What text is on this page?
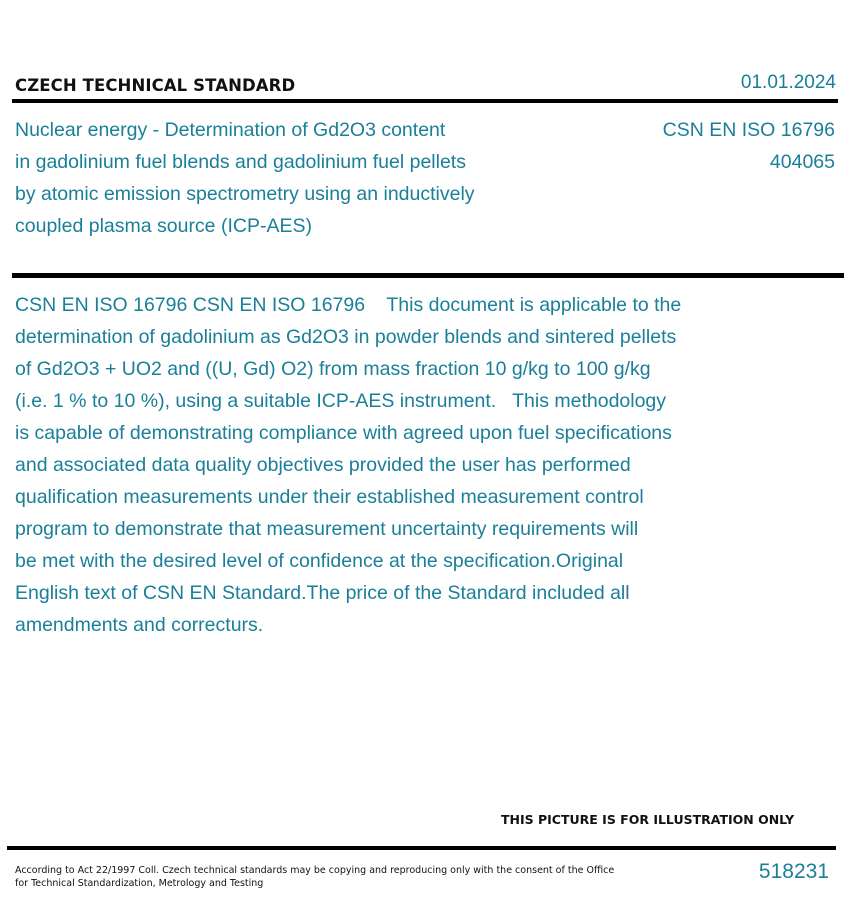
CZECH TECHNICAL STANDARD	01.01.2024
Nuclear energy - Determination of Gd2O3 content
in gadolinium fuel blends and gadolinium fuel pellets
by atomic emission spectrometry using an inductively
coupled plasma source (ICP-AES)
CSN EN ISO 16796
404065
CSN EN ISO 16796 CSN EN ISO 16796    This document is applicable to the
determination of gadolinium as Gd2O3 in powder blends and sintered pellets
of Gd2O3 + UO2 and ((U, Gd) O2) from mass fraction 10 g/kg to 100 g/kg
(i.e. 1 % to 10 %), using a suitable ICP-AES instrument.   This methodology
is capable of demonstrating compliance with agreed upon fuel specifications
and associated data quality objectives provided the user has performed
qualification measurements under their established measurement control
program to demonstrate that measurement uncertainty requirements will
be met with the desired level of confidence at the specification.Original
English text of CSN EN Standard.The price of the Standard included all
amendments and correcturs.
THIS PICTURE IS FOR ILLUSTRATION ONLY
According to Act 22/1997 Coll. Czech technical standards may be copying and reproducing only with the consent of the Office
for Technical Standardization, Metrology and Testing
518231
